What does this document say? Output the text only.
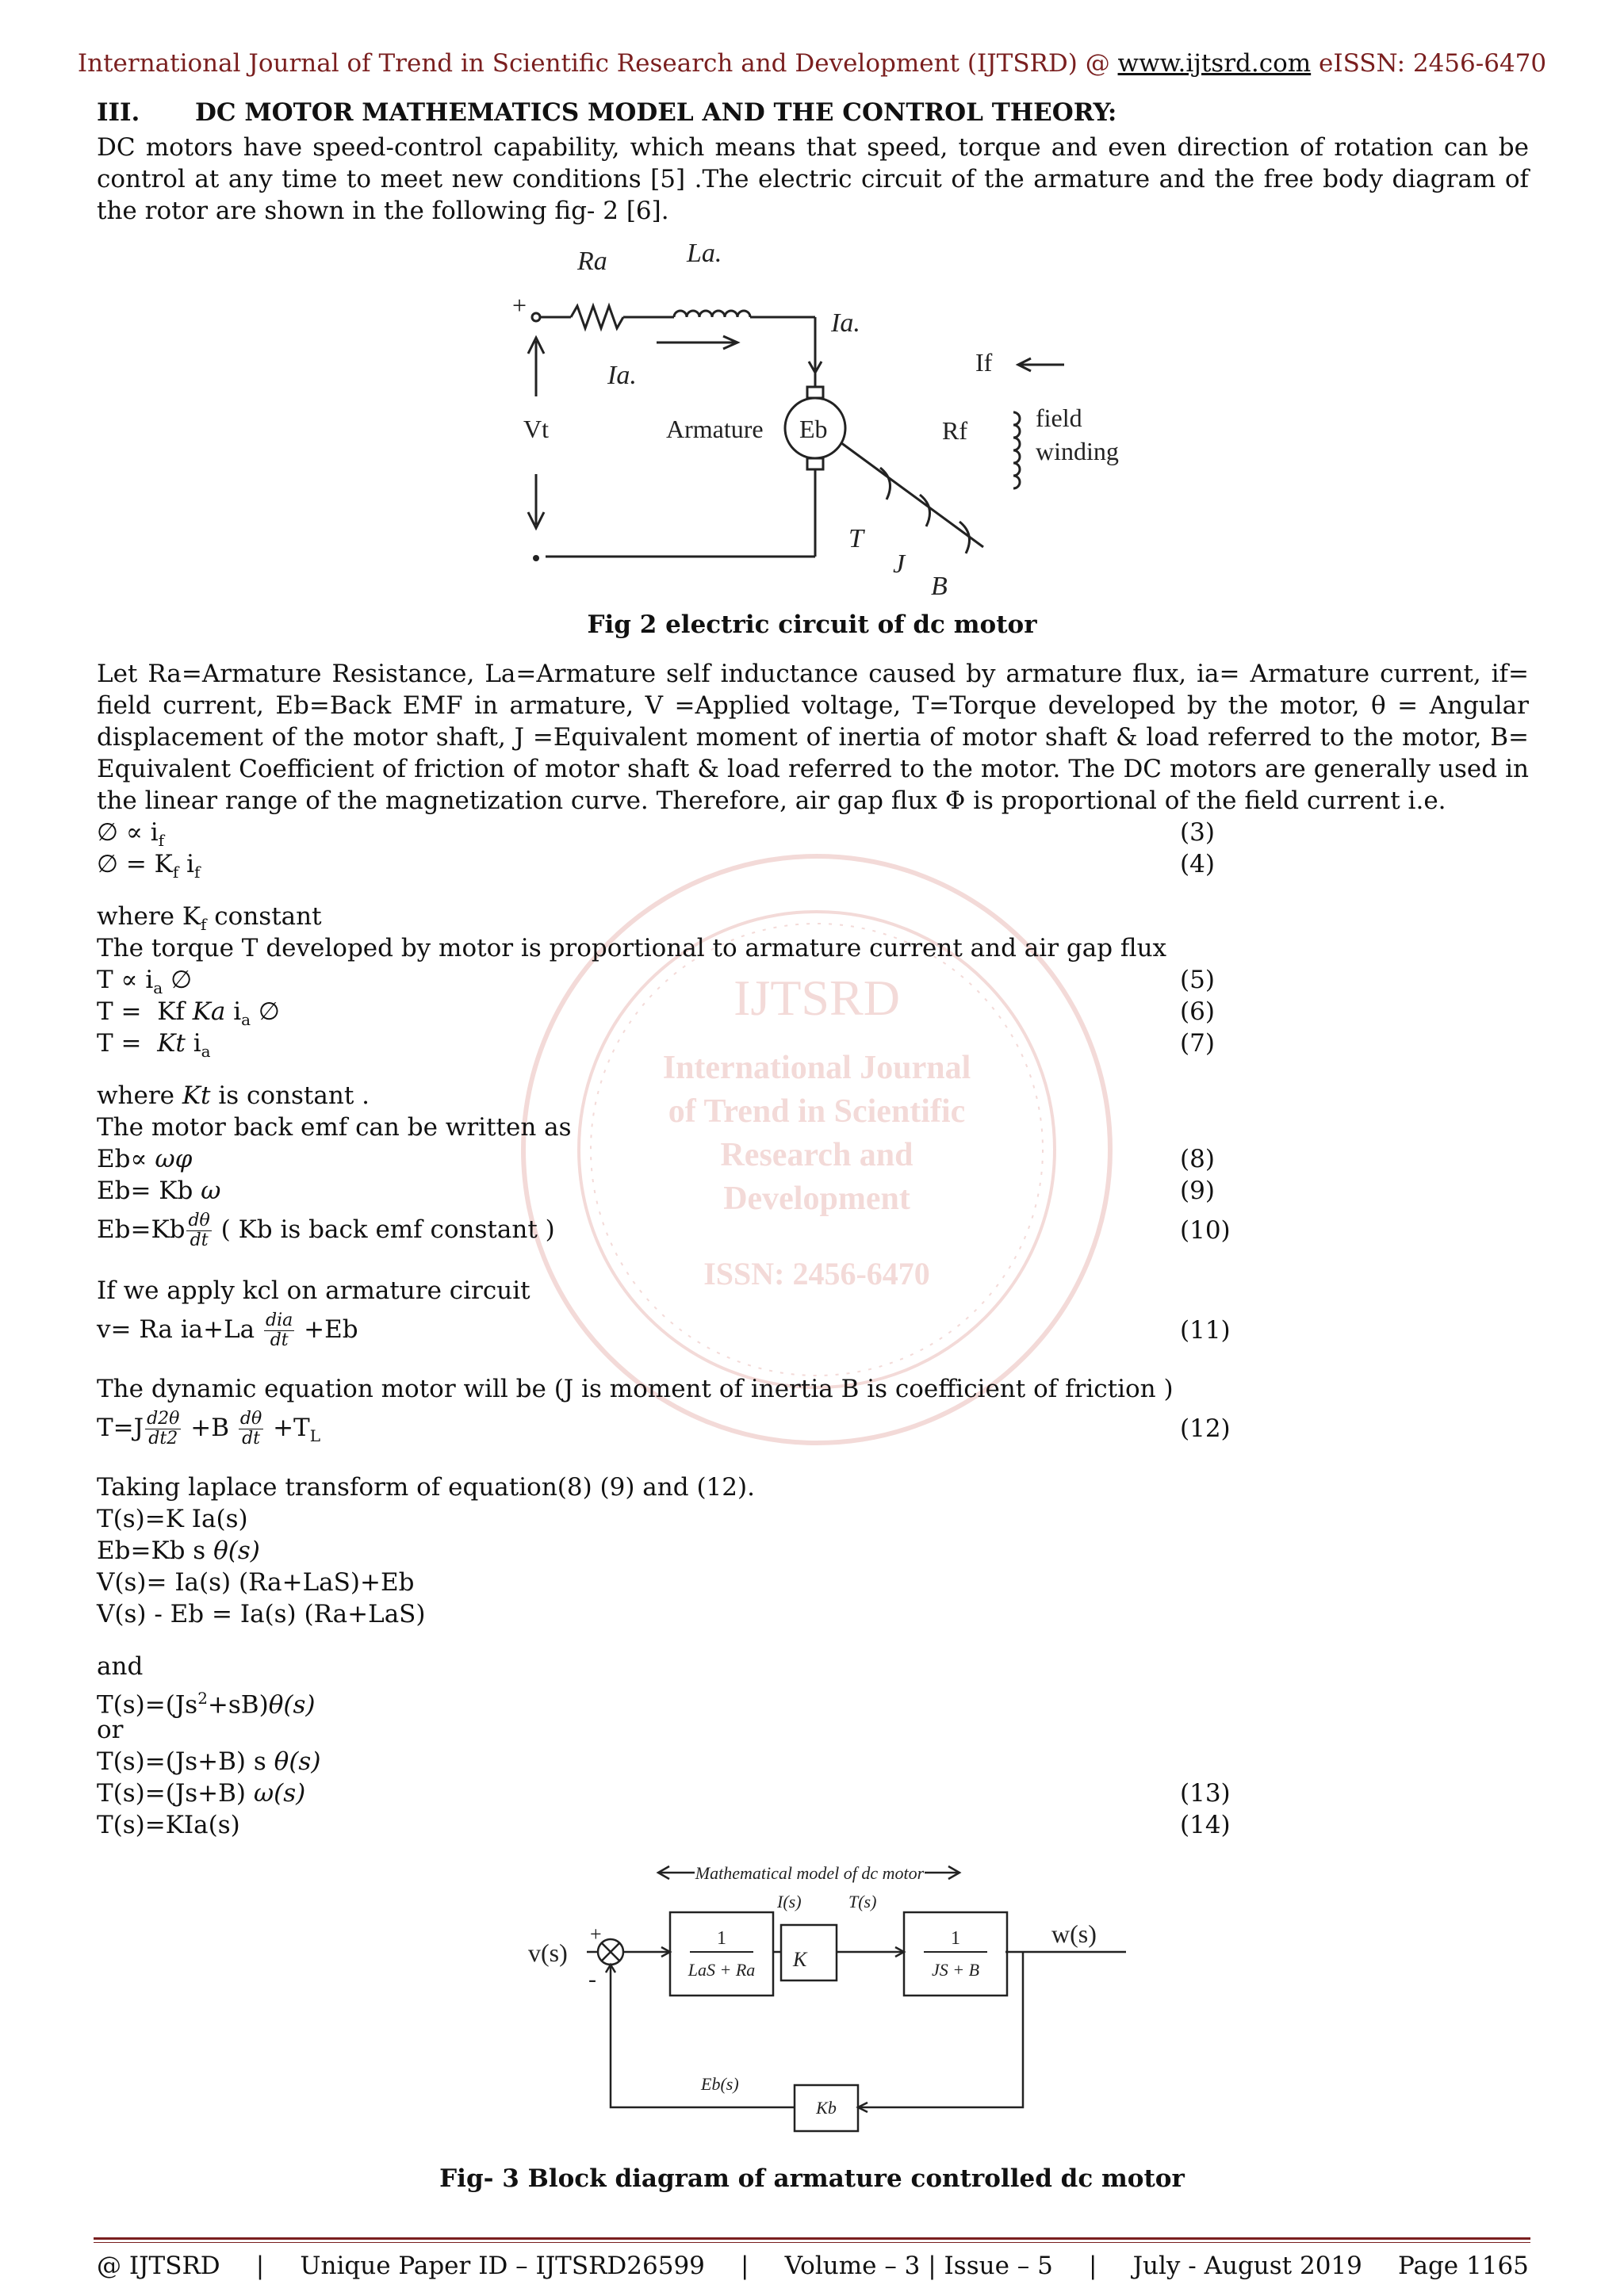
International Journal of Trend in Scientific Research and Development (IJTSRD) @ www.ijtsrd.com eISSN: 2456-6470
III. DC MOTOR MATHEMATICS MODEL AND THE CONTROL THEORY:
DC motors have speed-control capability, which means that speed, torque and even direction of rotation can be control at any time to meet new conditions [5] .The electric circuit of the armature and the free body diagram of the rotor are shown in the following fig- 2 [6].
Ra	La.
Ia.
Ia.
T
J
B
+
Vt	Armature Eb
If
Rf	field
winding
Fig 2 electric circuit of dc motor
IJTSRD
International Journal
of Trend in Scientific
Research and
Development
ISSN: 2456-6470
Let Ra=Armature Resistance, La=Armature self inductance caused by armature flux, ia= Armature current, if= field current, Eb=Back EMF in armature, V =Applied voltage, T=Torque developed by the motor, θ = Angular displacement of the motor shaft, J =Equivalent moment of inertia of motor shaft & load referred to the motor, B= Equivalent Coefficient of friction of motor shaft & load referred to the motor. The DC motors are generally used in the linear range of the magnetization curve. Therefore, air gap flux Φ is proportional of the field current i.e.
∅ ∝ $i_f$	(3)
∅ = $K_f$ $i_f$	(4)
where $K_f$ constant
The torque T developed by motor is proportional to armature current and air gap flux
$T \propto i_a$ ∅	(5)
T =  Kf Ka $i_a$ ∅	(6)
T =  Kt $i_a$	(7)
where Kt is constant .
The motor back emf can be written as
Eb∝ ωφ	(8)
Eb= Kb ω	(9)
$Eb=Kb \frac{d\theta}{dt}$ ( Kb is back emf constant )	(10)
If we apply kcl on armature circuit
v= Ra $ia+La \frac{\text{dia}}{dt} +Eb$	(11)
The dynamic equation motor will be (J is moment of inertia B is coefficient of friction )
$T=J \frac{d2\theta}{dt2} +B \frac{d\theta}{dt} +T_L$	(12)
Taking laplace transform of equation(8) (9) and (12).
T(s)=K Ia(s)
Eb=Kb s θ(s)
V(s)= Ia(s) (Ra+LaS)+Eb
V(s) - Eb = Ia(s) (Ra+LaS)
and
$T(s)=(Js^2+sB)\theta(s)$
or
T(s)=(Js+B) s θ(s)
T(s)=(Js+B) ω(s)	(13)
T(s)=KIa(s)	(14)
Mathematical model of dc motor
v(s)
+
-
1
LaS + Ra K
I(s)	T(s)
1
JS + B
w(s)
Eb(s)
Kb
Fig- 3 Block diagram of armature controlled dc motor
@ IJTSRD | Unique Paper ID – IJTSRD26599 | Volume – 3 | Issue – 5 | July - August 2019 Page 1165
